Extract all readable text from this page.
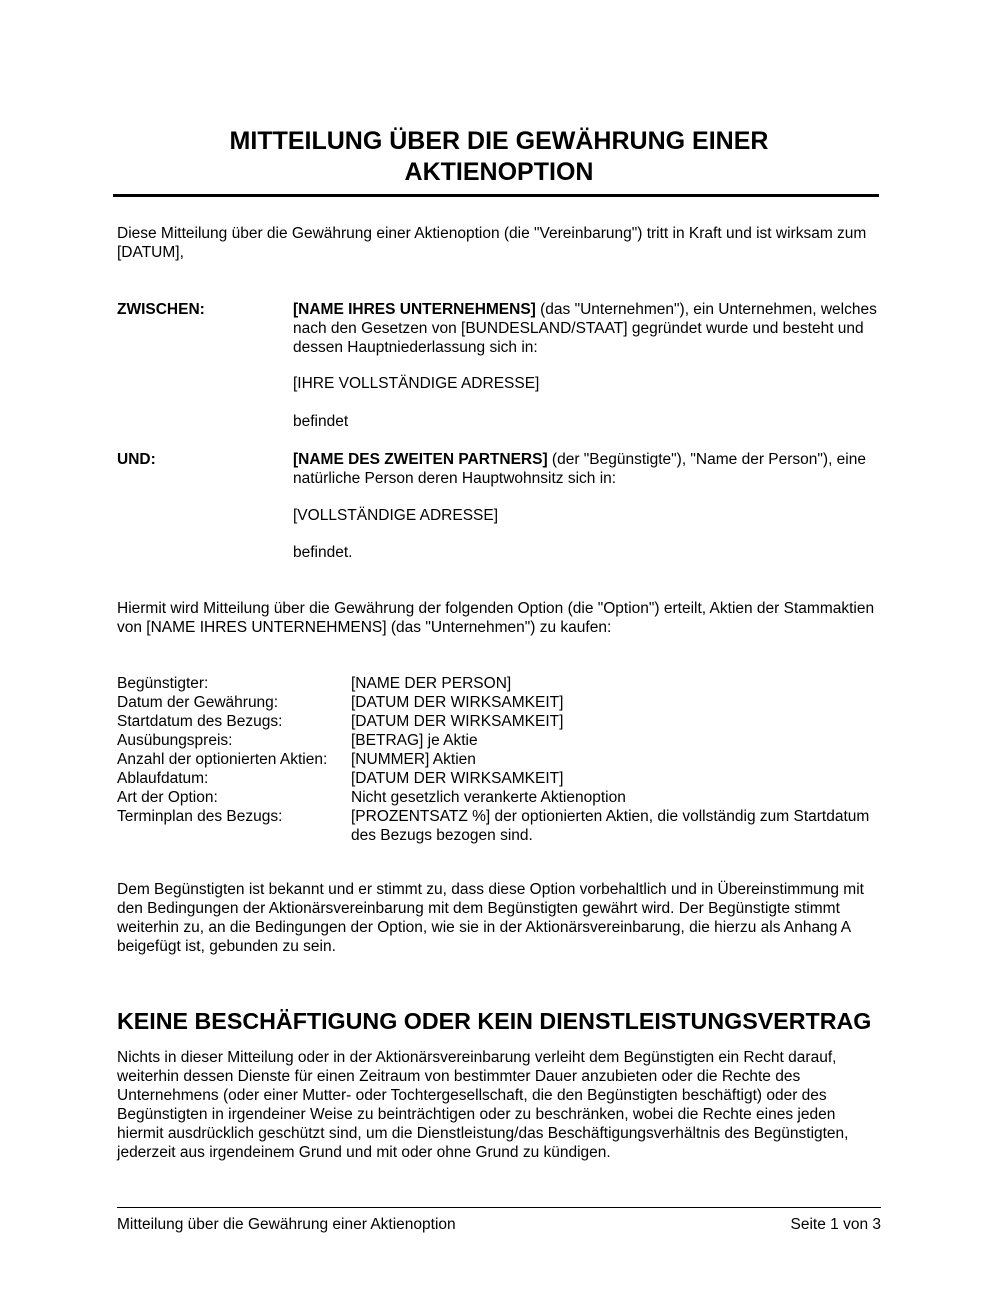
MITTEILUNG ÜBER DIE GEWÄHRUNG EINER
AKTIENOPTION

Diese Mitteilung über die Gewährung einer Aktienoption (die "Vereinbarung") tritt in Kraft und ist wirksam zum [DATUM],

ZWISCHEN:	[NAME IHRES UNTERNEHMENS] (das "Unternehmen"), ein Unternehmen, welches nach den Gesetzen von [BUNDESLAND/STAAT] gegründet wurde und besteht und dessen Hauptniederlassung sich in:

[IHRE VOLLSTÄNDIGE ADRESSE]

befindet

UND:	[NAME DES ZWEITEN PARTNERS] (der "Begünstigte"), "Name der Person"), eine natürliche Person deren Hauptwohnsitz sich in:

[VOLLSTÄNDIGE ADRESSE]

befindet.

Hiermit wird Mitteilung über die Gewährung der folgenden Option (die "Option") erteilt, Aktien der Stammaktien von [NAME IHRES UNTERNEHMENS] (das "Unternehmen") zu kaufen:

Begünstigter:	[NAME DER PERSON]
Datum der Gewährung:	[DATUM DER WIRKSAMKEIT]
Startdatum des Bezugs:	[DATUM DER WIRKSAMKEIT]
Ausübungspreis:	[BETRAG] je Aktie
Anzahl der optionierten Aktien:	[NUMMER] Aktien
Ablaufdatum:	[DATUM DER WIRKSAMKEIT]
Art der Option:	Nicht gesetzlich verankerte Aktienoption
Terminplan des Bezugs:	[PROZENTSATZ %] der optionierten Aktien, die vollständig zum Startdatum des Bezugs bezogen sind.

Dem Begünstigten ist bekannt und er stimmt zu, dass diese Option vorbehaltlich und in Übereinstimmung mit den Bedingungen der Aktionärsvereinbarung mit dem Begünstigten gewährt wird. Der Begünstigte stimmt weiterhin zu, an die Bedingungen der Option, wie sie in der Aktionärsvereinbarung, die hierzu als Anhang A beigefügt ist, gebunden zu sein.

KEINE BESCHÄFTIGUNG ODER KEIN DIENSTLEISTUNGSVERTRAG

Nichts in dieser Mitteilung oder in der Aktionärsvereinbarung verleiht dem Begünstigten ein Recht darauf, weiterhin dessen Dienste für einen Zeitraum von bestimmter Dauer anzubieten oder die Rechte des Unternehmens (oder einer Mutter- oder Tochtergesellschaft, die den Begünstigten beschäftigt) oder des Begünstigten in irgendeiner Weise zu beinträchtigen oder zu beschränken, wobei die Rechte eines jeden hiermit ausdrücklich geschützt sind, um die Dienstleistung/das Beschäftigungsverhältnis des Begünstigten, jederzeit aus irgendeinem Grund und mit oder ohne Grund zu kündigen.

Mitteilung über die Gewährung einer Aktienoption	Seite 1 von 3
